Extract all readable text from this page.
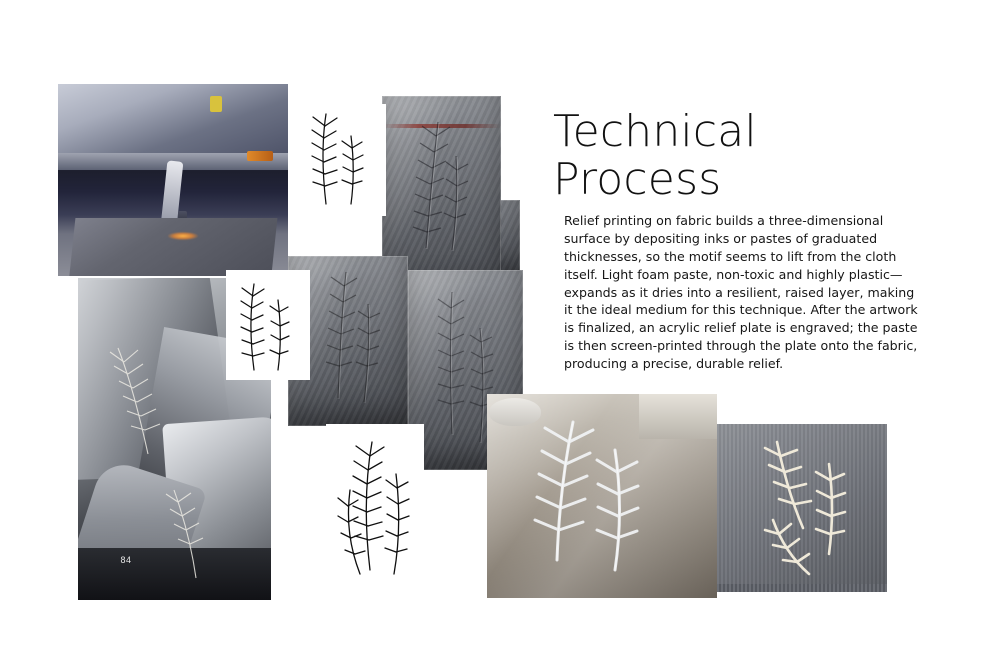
84
Technical
Process

Relief printing on fabric builds a three-dimensional surface by depositing inks or pastes of graduated thicknesses, so the motif seems to lift from the cloth itself. Light foam paste, non-toxic and highly plastic—expands as it dries into a resilient, raised layer, making it the ideal medium for this technique. After the artwork is finalized, an acrylic relief plate is engraved; the paste is then screen-printed through the plate onto the fabric, producing a precise, durable relief.
